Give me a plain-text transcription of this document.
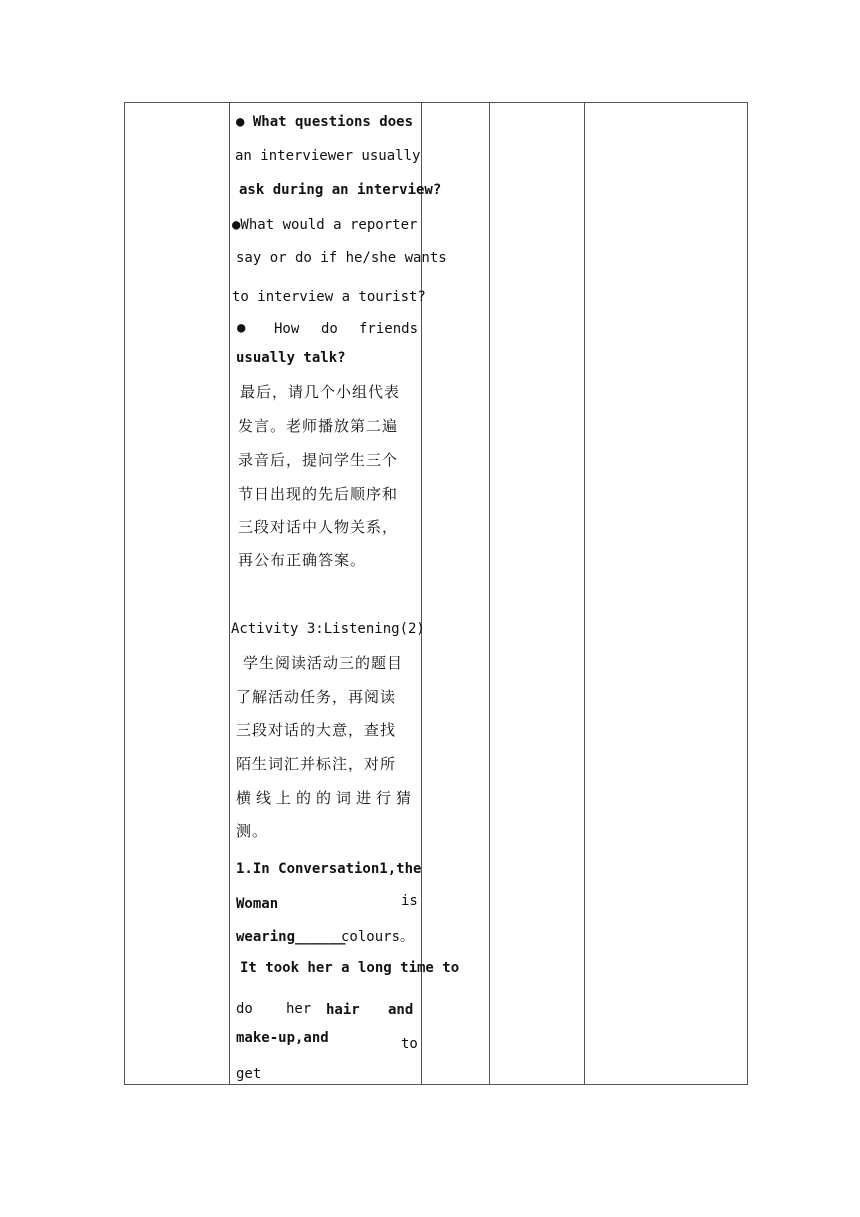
● What questions does
an interviewer usually
ask during an interview?
●What would a reporter
say or do if he/she wants
to interview a tourist?
● How do friends
usually talk?
最后，请几个小组代表
发言。老师播放第二遍
录音后，提问学生三个
节日出现的先后顺序和
三段对话中人物关系，
再公布正确答案。
Activity 3:Listening(2)
学生阅读活动三的题目
了解活动任务，再阅读
三段对话的大意，查找
陌生词汇并标注，对所
横线上的的词进行猜
测。
1.In Conversation1,the
Woman	is
wearing______
colours。
It took her a long time to
do her hair and
make-up,and	to
get
